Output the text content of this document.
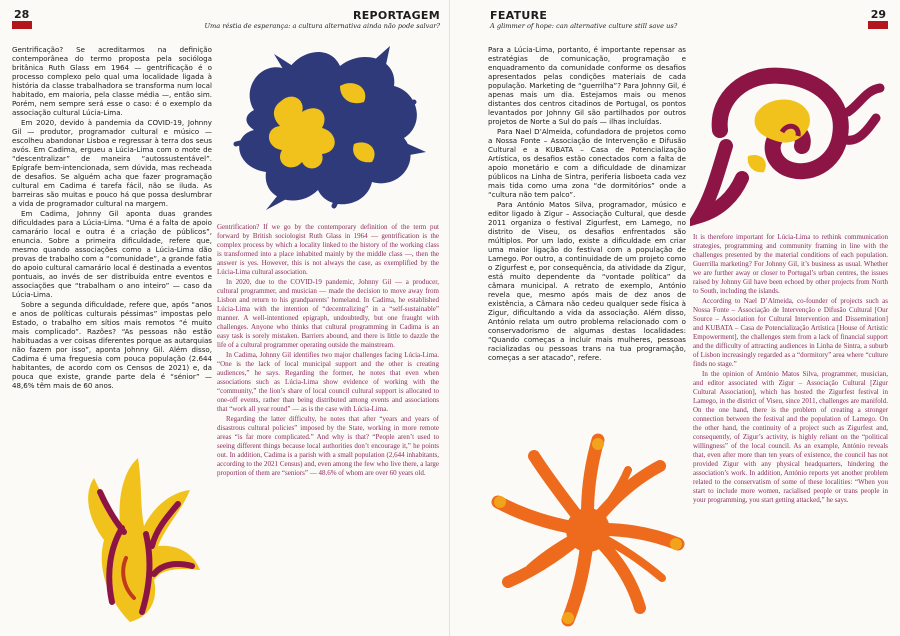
28	REPORTAGEM
Uma réstia de esperança: a cultura alternativa ainda não pode salvar?

Gentrificação? Se acreditarmos na definição contemporânea do termo proposta pela socióloga britânica Ruth Glass em 1964 — gentrificação é o processo complexo pelo qual uma localidade ligada à história da classe trabalhadora se transforma num local habitado, em maioria, pela classe média —, então sim. Porém, nem sempre será esse o caso: é o exemplo da associação cultural Lúcia-Lima.

Em 2020, devido à pandemia da COVID-19, Johnny Gil — produtor, programador cultural e músico — escolheu abandonar Lisboa e regressar à terra dos seus avós. Em Cadima, ergueu a Lúcia-Lima com o mote de “descentralizar” de maneira “autossustentável”. Epígrafe bem-intencionada, sem dúvida, mas recheada de desafios. Se alguém acha que fazer programação cultural em Cadima é tarefa fácil, não se iluda. As barreiras são muitas e pouco há que possa deslumbrar a vida de programador cultural na margem.

Em Cadima, Johnny Gil aponta duas grandes dificuldades para a Lúcia-Lima. “Uma é a falta de apoio camarário local e outra é a criação de públicos”, enuncia. Sobre a primeira dificuldade, refere que, mesmo quando associações como a Lúcia-Lima dão provas de trabalho com a “comunidade”, a grande fatia do apoio cultural camarário local é destinada a eventos pontuais, ao invés de ser distribuída entre eventos e associações que “trabalham o ano inteiro” — caso da Lúcia-Lima.

Sobre a segunda dificuldade, refere que, após “anos e anos de políticas culturais péssimas” impostas pelo Estado, o trabalho em sítios mais remotos “é muito mais complicado”. Razões? “As pessoas não estão habituadas a ver coisas diferentes porque as autarquias não fazem por isso”, aponta Johnny Gil. Além disso, Cadima é uma freguesia com pouca população (2.644 habitantes, de acordo com os Censos de 2021) e, da pouca que existe, grande parte dela é “sénior” — 48,6% têm mais de 60 anos.

Gentrification? If we go by the contemporary definition of the term put forward by British sociologist Ruth Glass in 1964 — gentrification is the complex process by which a locality linked to the history of the working class is transformed into a place inhabited mainly by the middle class —, then the answer is yes. However, this is not always the case, as exemplified by the Lúcia-Lima cultural association.

In 2020, due to the COVID-19 pandemic, Johnny Gil — a producer, cultural programmer, and musician — made the decision to move away from Lisbon and return to his grandparents’ homeland. In Cadima, he established Lúcia-Lima with the intention of “decentralizing” in a “self-sustainable” manner. A well-intentioned epigraph, undoubtedly, but one fraught with challenges. Anyone who thinks that cultural programming in Cadima is an easy task is sorely mistaken. Barriers abound, and there is little to dazzle the life of a cultural programmer operating outside the mainstream.

In Cadima, Johnny Gil identifies two major challenges facing Lúcia-Lima. “One is the lack of local municipal support and the other is creating audiences,” he says. Regarding the former, he notes that even when associations such as Lúcia-Lima show evidence of working with the “community,” the lion’s share of local council cultural support is allocated to one-off events, rather than being distributed among events and associations that “work all year round” — as is the case with Lúcia-Lima.

Regarding the latter difficulty, he notes that after “years and years of disastrous cultural policies” imposed by the State, working in more remote areas “is far more complicated.” And why is that? “People aren’t used to seeing different things because local authorities don’t encourage it,” he points out. In addition, Cadima is a parish with a small population (2,644 inhabitants, according to the 2021 Census) and, even among the few who live there, a large proportion of them are “seniors” — 48.6% of whom are over 60 years old.

29
FEATURE
A glimmer of hope: can alternative culture still save us?

Para a Lúcia-Lima, portanto, é importante repensar as estratégias de comunicação, programação e enquadramento da comunidade conforme os desafios apresentados pelas condições materiais de cada população. Marketing de “guerrilha”? Para Johnny Gil, é apenas mais um dia. Estejamos mais ou menos distantes dos centros citadinos de Portugal, os pontos levantados por Johnny Gil são partilhados por outros projetos de Norte a Sul do país — ilhas incluídas.

Para Nael D’Almeida, cofundadora de projetos como a Nossa Fonte – Associação de Intervenção e Difusão Cultural e a KUBATA – Casa de Potencialização Artística, os desafios estão conectados com a falta de apoio monetário e com a dificuldade de dinamizar públicos na Linha de Sintra, periferia lisboeta cada vez mais tida como uma zona “de dormitórios” onde a “cultura não tem palco”.

Para António Matos Silva, programador, músico e editor ligado à Zigur – Associação Cultural, que desde 2011 organiza o festival Zigurfest, em Lamego, no distrito de Viseu, os desafios enfrentados são múltiplos. Por um lado, existe a dificuldade em criar uma maior ligação do festival com a população de Lamego. Por outro, a continuidade de um projeto como o Zigurfest e, por consequência, da atividade da Zigur, está muito dependente da “vontade política” da câmara municipal. A retrato de exemplo, António revela que, mesmo após mais de dez anos de existência, a Câmara não cedeu qualquer sede física à Zigur, dificultando a vida da associação. Além disso, António relata um outro problema relacionado com o conservadorismo de algumas destas localidades: “Quando começas a incluir mais mulheres, pessoas racializadas ou pessoas trans na tua programação, começas a ser atacado”, refere.

It is therefore important for Lúcia-Lima to rethink communication strategies, programming and community framing in line with the challenges presented by the material conditions of each population. Guerrilla marketing? For Johnny Gil, it’s business as usual. Whether we are further away or closer to Portugal’s urban centres, the issues raised by Johnny Gil have been echoed by other projects from North to South, including the islands.

According to Nael D’Almeida, co-founder of projects such as Nossa Fonte – Associação de Intervenção e Difusão Cultural [Our Source – Association for Cultural Intervention and Dissemination] and KUBATA – Casa de Potencialização Artística [House of Artistic Empowerment], the challenges stem from a lack of financial support and the difficulty of attracting audiences in Linha de Sintra, a suburb of Lisbon increasingly regarded as a “dormitory” area where “culture finds no stage.”

In the opinion of António Matos Silva, programmer, musician, and editor associated with Zigur – Associação Cultural [Zigur Cultural Association], which has hosted the Zigurfest festival in Lamego, in the district of Viseu, since 2011, challenges are manifold. On the one hand, there is the problem of creating a stronger connection between the festival and the population of Lamego. On the other hand, the continuity of a project such as Zigurfest and, consequently, of Zigur’s activity, is highly reliant on the “political willingness” of the local council. As an example, António reveals that, even after more than ten years of existence, the council has not provided Zigur with any physical headquarters, hindering the association’s work. In addition, António reports yet another problem related to the conservatism of some of these localities: “When you start to include more women, racialised people or trans people in your programming, you start getting attacked,” he says.
